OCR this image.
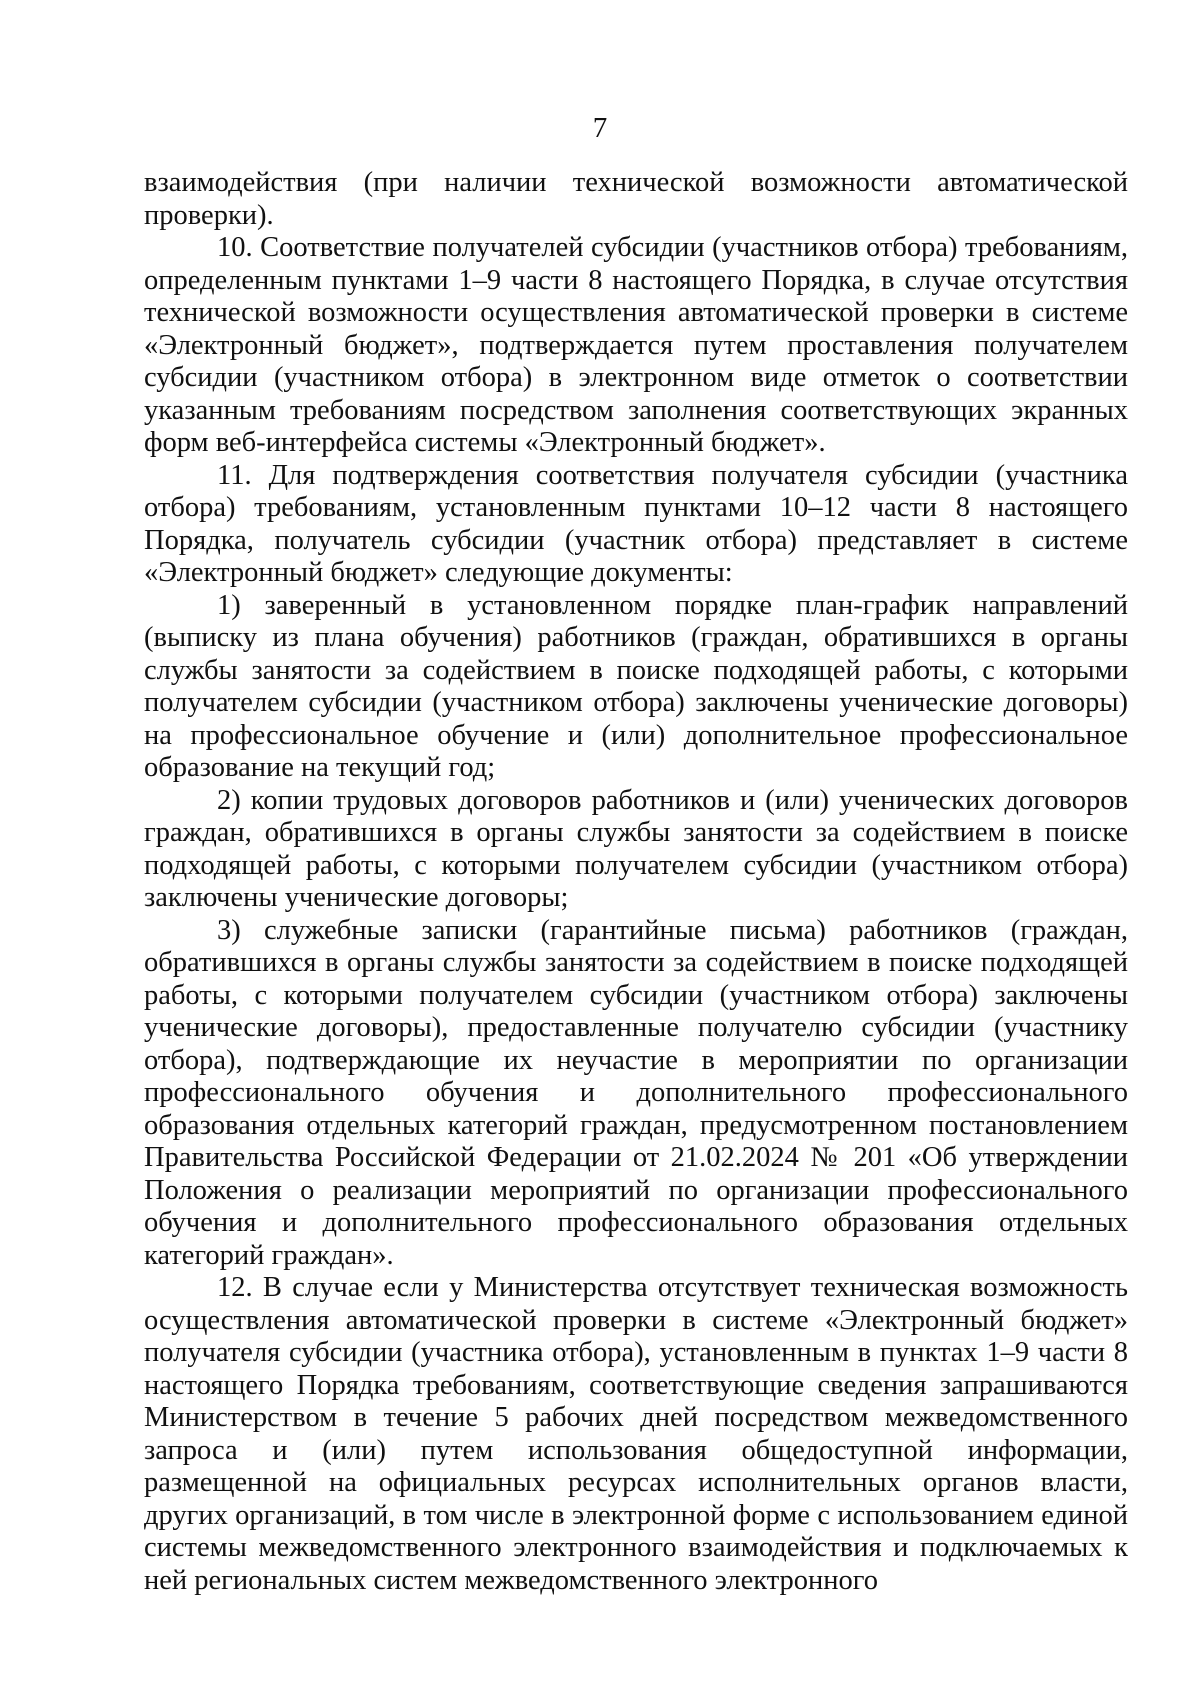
7

взаимодействия (при наличии технической возможности автоматической проверки).

10. Соответствие получателей субсидии (участников отбора) требованиям, определенным пунктами 1–9 части 8 настоящего Порядка, в случае отсутствия технической возможности осуществления автоматической проверки в системе «Электронный бюджет», подтверждается путем проставления получателем субсидии (участником отбора) в электронном виде отметок о соответствии указанным требованиям посредством заполнения соответствующих экранных форм веб-интерфейса системы «Электронный бюджет».

11. Для подтверждения соответствия получателя субсидии (участника отбора) требованиям, установленным пунктами 10–12 части 8 настоящего Порядка, получатель субсидии (участник отбора) представляет в системе «Электронный бюджет» следующие документы:

1) заверенный в установленном порядке план-график направлений (выписку из плана обучения) работников (граждан, обратившихся в органы службы занятости за содействием в поиске подходящей работы, с которыми получателем субсидии (участником отбора) заключены ученические договоры) на профессиональное обучение и (или) дополнительное профессиональное образование на текущий год;

2) копии трудовых договоров работников и (или) ученических договоров граждан, обратившихся в органы службы занятости за содействием в поиске подходящей работы, с которыми получателем субсидии (участником отбора) заключены ученические договоры;

3) служебные записки (гарантийные письма) работников (граждан, обратившихся в органы службы занятости за содействием в поиске подходящей работы, с которыми получателем субсидии (участником отбора) заключены ученические договоры), предоставленные получателю субсидии (участнику отбора), подтверждающие их неучастие в мероприятии по организации профессионального обучения и дополнительного профессионального образования отдельных категорий граждан, предусмотренном постановлением Правительства Российской Федерации от 21.02.2024 № 201 «Об утверждении Положения о реализации мероприятий по организации профессионального обучения и дополнительного профессионального образования отдельных категорий граждан».

12. В случае если у Министерства отсутствует техническая возможность осуществления автоматической проверки в системе «Электронный бюджет» получателя субсидии (участника отбора), установленным в пунктах 1–9 части 8 настоящего Порядка требованиям, соответствующие сведения запрашиваются Министерством в течение 5 рабочих дней посредством межведомственного запроса и (или) путем использования общедоступной информации, размещенной на официальных ресурсах исполнительных органов власти, других организаций, в том числе в электронной форме с использованием единой системы межведомственного электронного взаимодействия и подключаемых к ней региональных систем межведомственного электронного
